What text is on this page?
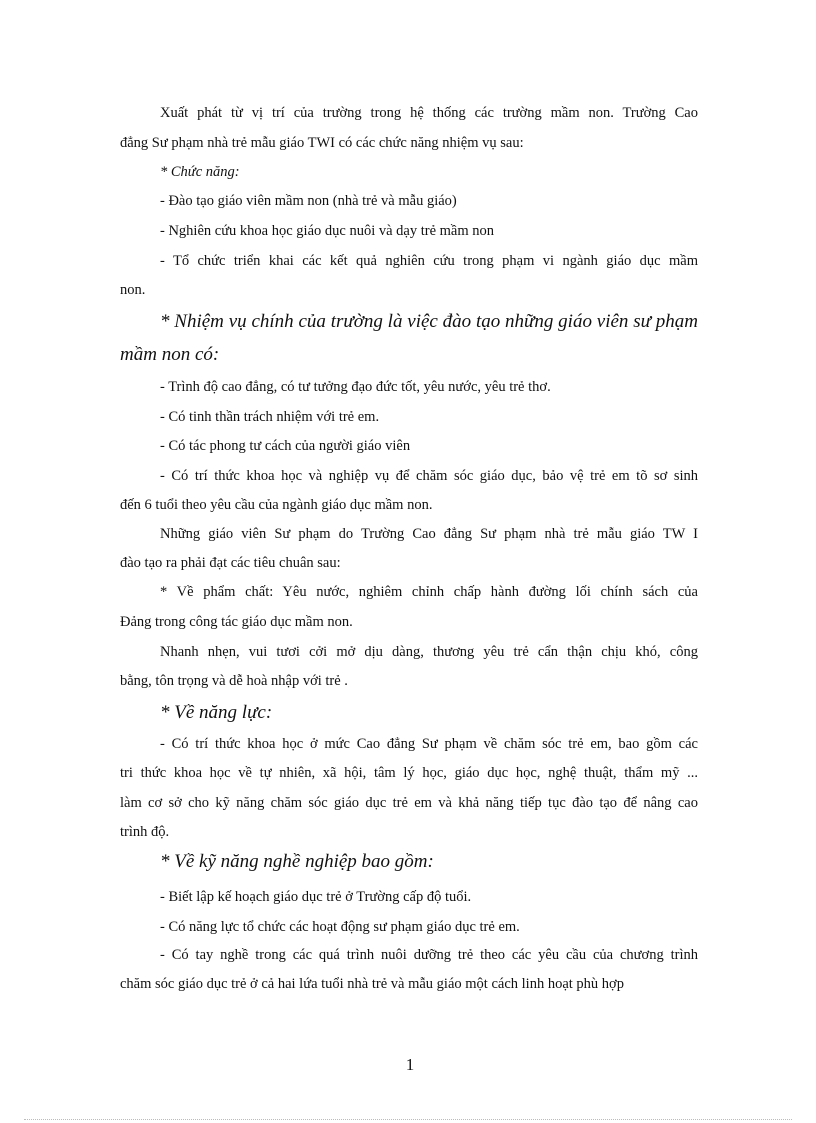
Xuất phát từ vị trí của trường trong hệ thống các trường mầm non. Trường Cao
đẳng Sư phạm nhà trẻ mẫu giáo TWI có các chức năng nhiệm vụ sau:
* Chức năng:
- Đào tạo giáo viên mầm non (nhà trẻ và mẫu giáo)
- Nghiên cứu khoa học giáo dục nuôi và dạy trẻ mầm non
- Tổ chức triển khai các kết quả nghiên cứu trong phạm vi ngành giáo dục mầm
non.
* Nhiệm vụ chính của trường là việc đào tạo những giáo viên sư phạm
mầm non có:
- Trình độ cao đẳng, có tư tưởng đạo đức tốt, yêu nước, yêu trẻ thơ.
- Có tinh thần trách nhiệm với trẻ em.
- Có tác phong tư cách của người giáo viên
- Có trí thức khoa học và nghiệp vụ để chăm sóc giáo dục, bảo vệ trẻ em tõ sơ sinh
đến 6 tuổi theo yêu cầu của ngành giáo dục mầm non.
Những giáo viên Sư phạm do Trường Cao đẳng Sư phạm nhà trẻ mẫu giáo TW I
đào tạo ra phải đạt các tiêu chuân sau:
* Về phẩm chất: Yêu nước, nghiêm chỉnh chấp hành đường lối chính sách của
Đảng trong công tác giáo dục mầm non.
Nhanh nhẹn, vui tươi cởi mở dịu dàng, thương yêu trẻ cẩn thận chịu khó, công
bằng, tôn trọng và dễ hoà nhập với trẻ .
* Về năng lực:
- Có trí thức khoa học ở mức Cao đẳng Sư phạm về chăm sóc trẻ em, bao gồm các
tri thức khoa học về tự nhiên, xã hội, tâm lý học, giáo dục học, nghệ thuật, thẩm mỹ ...
làm cơ sở cho kỹ năng chăm sóc giáo dục trẻ em và khả năng tiếp tục đào tạo để nâng cao
trình độ.
* Về kỹ năng nghề nghiệp bao gồm:
- Biết lập kế hoạch giáo dục trẻ ở Trường cấp độ tuổi.
- Có năng lực tổ chức các hoạt động sư phạm giáo dục trẻ em.
- Có tay nghề trong các quá trình nuôi dưỡng trẻ theo các yêu cầu của chương trình
chăm sóc giáo dục trẻ ở cả hai lứa tuổi nhà trẻ và mẫu giáo một cách linh hoạt phù hợp
1
